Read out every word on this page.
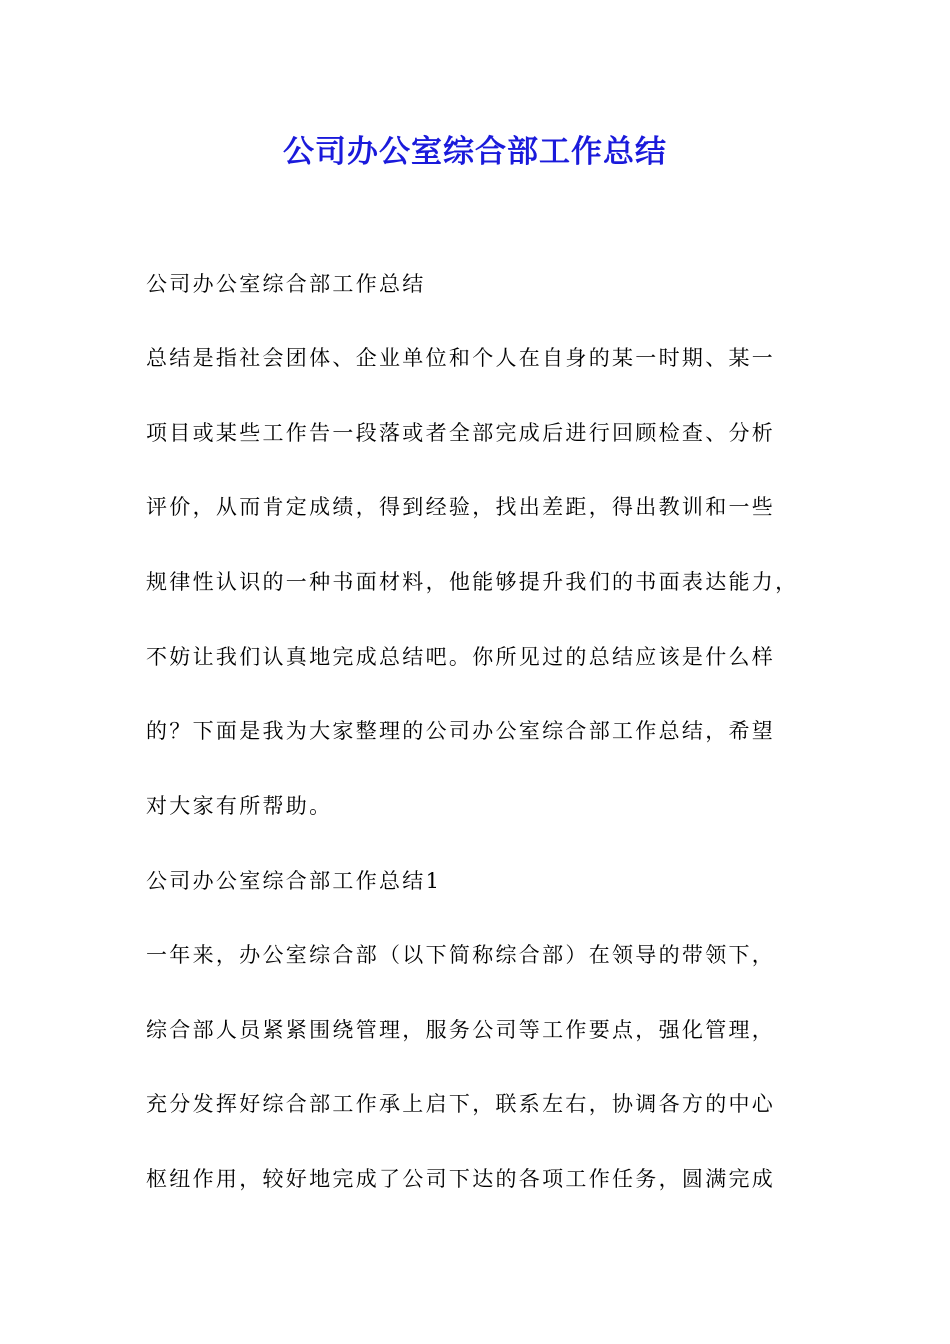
公司办公室综合部工作总结
公司办公室综合部工作总结
总结是指社会团体、企业单位和个人在自身的某一时期、某一
项目或某些工作告一段落或者全部完成后进行回顾检查、分析
评价，从而肯定成绩，得到经验，找出差距，得出教训和一些
规律性认识的一种书面材料，他能够提升我们的书面表达能力，
不妨让我们认真地完成总结吧。你所见过的总结应该是什么样
的？下面是我为大家整理的公司办公室综合部工作总结，希望
对大家有所帮助。
公司办公室综合部工作总结1
一年来，办公室综合部（以下简称综合部）在领导的带领下，
综合部人员紧紧围绕管理，服务公司等工作要点，强化管理，
充分发挥好综合部工作承上启下，联系左右，协调各方的中心
枢纽作用，较好地完成了公司下达的各项工作任务，圆满完成
